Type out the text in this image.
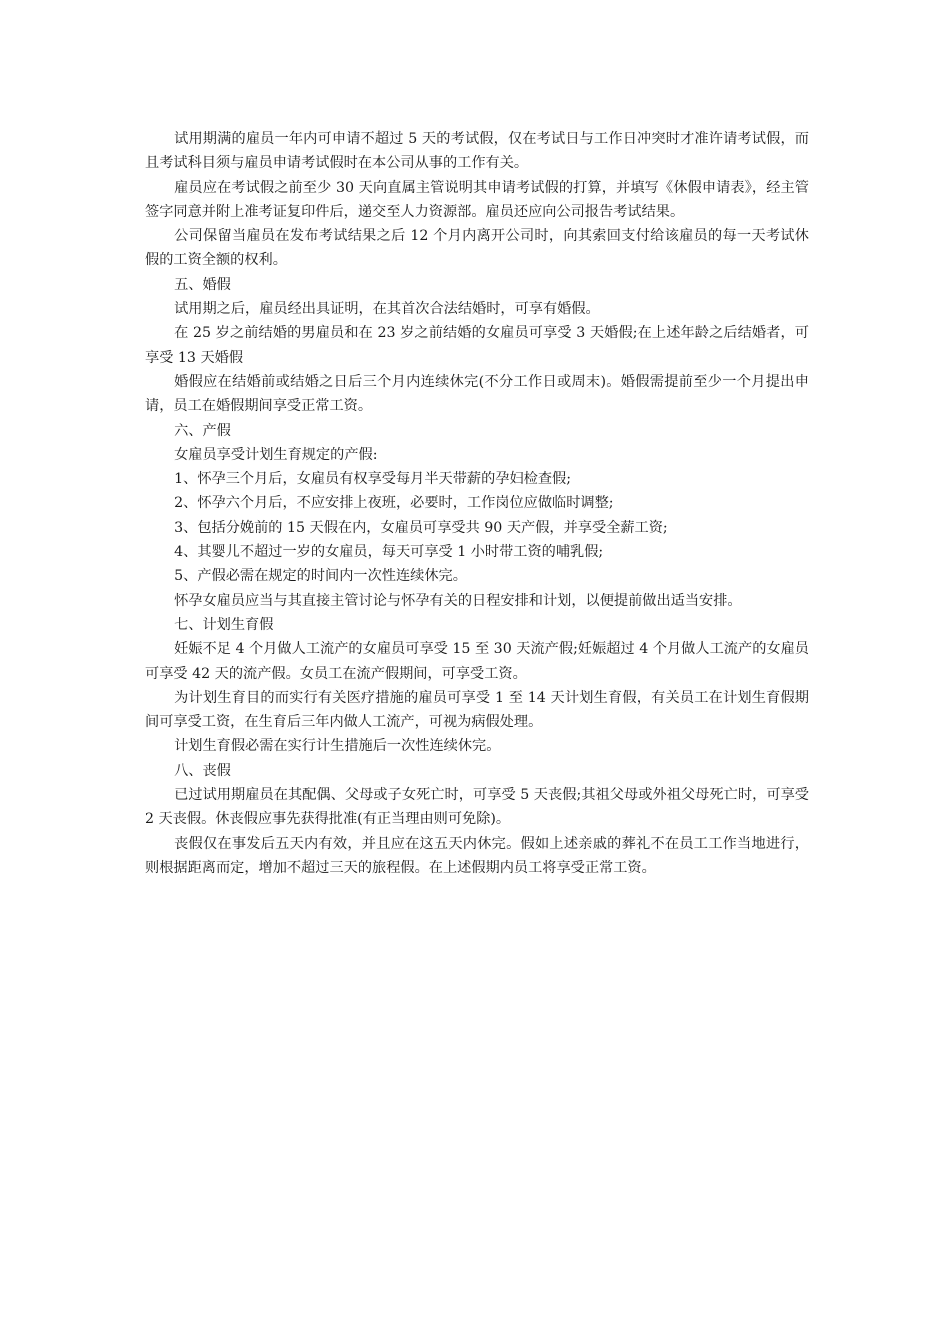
试用期满的雇员一年内可申请不超过 5 天的考试假，仅在考试日与工作日冲突时才准许请考试假，而且考试科目须与雇员申请考试假时在本公司从事的工作有关。

雇员应在考试假之前至少 30 天向直属主管说明其申请考试假的打算，并填写《休假申请表》，经主管签字同意并附上准考证复印件后，递交至人力资源部。雇员还应向公司报告考试结果。

公司保留当雇员在发布考试结果之后 12 个月内离开公司时，向其索回支付给该雇员的每一天考试休假的工资全额的权利。

五、婚假

试用期之后，雇员经出具证明，在其首次合法结婚时，可享有婚假。

在 25 岁之前结婚的男雇员和在 23 岁之前结婚的女雇员可享受 3 天婚假;在上述年龄之后结婚者，可享受 13 天婚假

婚假应在结婚前或结婚之日后三个月内连续休完(不分工作日或周末)。婚假需提前至少一个月提出申请，员工在婚假期间享受正常工资。

六、产假

女雇员享受计划生育规定的产假:

1、怀孕三个月后，女雇员有权享受每月半天带薪的孕妇检查假;

2、怀孕六个月后，不应安排上夜班，必要时，工作岗位应做临时调整;

3、包括分娩前的 15 天假在内，女雇员可享受共 90 天产假，并享受全薪工资;

4、其婴儿不超过一岁的女雇员，每天可享受 1 小时带工资的哺乳假;

5、产假必需在规定的时间内一次性连续休完。

怀孕女雇员应当与其直接主管讨论与怀孕有关的日程安排和计划，以便提前做出适当安排。

七、计划生育假

妊娠不足 4 个月做人工流产的女雇员可享受 15 至 30 天流产假;妊娠超过 4 个月做人工流产的女雇员可享受 42 天的流产假。女员工在流产假期间，可享受工资。

为计划生育目的而实行有关医疗措施的雇员可享受 1 至 14 天计划生育假，有关员工在计划生育假期间可享受工资，在生育后三年内做人工流产，可视为病假处理。

计划生育假必需在实行计生措施后一次性连续休完。

八、丧假

已过试用期雇员在其配偶、父母或子女死亡时，可享受 5 天丧假;其祖父母或外祖父母死亡时，可享受 2 天丧假。休丧假应事先获得批准(有正当理由则可免除)。

丧假仅在事发后五天内有效，并且应在这五天内休完。假如上述亲戚的葬礼不在员工工作当地进行，则根据距离而定，增加不超过三天的旅程假。在上述假期内员工将享受正常工资。
